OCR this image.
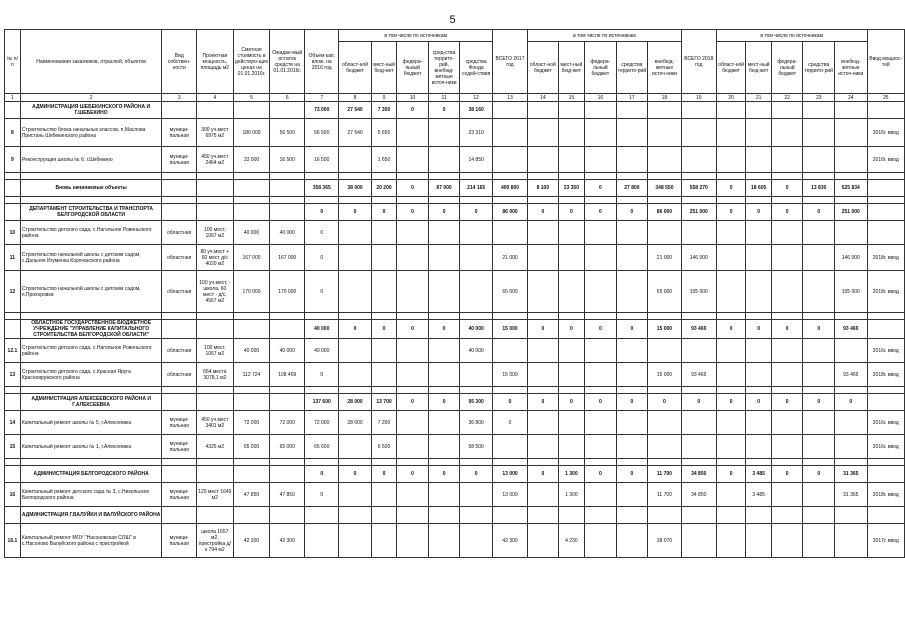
5
№ п/п	Наименования заказчиков, отраслей, объектов	Вид собствен-ности	Проектная мощность, площадь м2	Сметная стоимость в действую-щих ценах на 01.01.2016г.	Ожидае-мый остаток средств на 01.01.2016г.	Объем кап. влож. на 2016 год	в том числе по источникам					ВСЕГО 2017 год	в том числе по источникам					ВСЕГО 2018 год	в том числе по источникам					Ввод мощнос-тей
							област-ной бюджет	мест-ный бюд-жет	федера-льный бюджет	сред-ства террито-рий, внебюд-жетные источ-ники	средства Фонда содей-ствия		област-ной бюджет	мест-ный бюд-жет	федера-льный бюджет	средства террито-рий	внебюд-жетные источ-ники		област-ной бюджет	мест-ный бюд-жет	федера-льный бюджет	средства террито-рий	внебюд-жетные источ-ники	
1	2	3	4	5	6	7	8	9	10	11	12	13	14	15	16	17	18	19	20	21	22	23	24	25
	АДМИНИСТРАЦИЯ ШЕБЕКИНСКОГО РАЙОНА И Г.ШЕБЕКИНО					73 000	27 540	7 300	0	0	38 160													
8	Строительство блока начальных классов, п.Маслова Пристань Шебекинского района	муници-пальная	300 уч.мест 6975 м2	180 000	56 500	56 500	27 540	5 650			23 310													2016г. ввод
9	Реконструкция школы № 6, г.Шебекино	муници-пальная	450 уч.мест 2464 м2	33 000	16 500	16 500		1 650			14 850													2016г. ввод

	Вновь начинаемые объекты					358 365	38 000	20 200	0	87 000	214 165	400 800	8 100	23 350	0	27 800	348 550	558 270	0	18 605	0	13 830	525 834	

	ДЕПАРТАМЕНТ СТРОИТЕЛЬСТВА И ТРАНСПОРТА БЕЛГОРОДСКОЙ ОБЛАСТИ					0	0	0	0	0	0	86 000	0	0	0	0	86 000	251 000	0	0	0	0	251 000	
10	Строительство детского сада, с.Нагольное Ровеньского района	областная	100 мест, 1067 м2	40 000	40 000	0																		
11	Строительство начальной школы с детским садом, с.Дальняя Игуменка Корочанского района	областная	80 уч.мест + 60 мест д/с 4020 м2	167 000	167 000	0						21 000					21 000	146 000					146 000	2018г. ввод
12	Строительство начальной школы с детским садом, п.Прохоровка	областная	100 уч.мест, - школа, 60 мест - д/с, 4567 м2	170 000	170 000	0						65 000					65 000	105 000					105 000	2018г. ввод

	ОБЛАСТНОЕ ГОСУДАРСТВЕННОЕ БЮДЖЕТНОЕ УЧРЕЖДЕНИЕ "УПРАВЛЕНИЕ КАПИТАЛЬНОГО СТРОИТЕЛЬСТВА БЕЛГОРОДСКОЙ ОБЛАСТИ"					40 000	0	0	0	0	40 000	15 000	0	0	0	0	15 000	93 469	0	0	0	0	93 469	
12.1	Строительство детского сада, с.Нагольное Ровеньского района	областная	100 мест, 1067 м2	40 000	40 000	40 000					40 000													2016г. ввод
13	Строительство детского сада, с.Красная Яруга Краснояружского района	областная	654 места 3078,1 м2	112 724	108 469	0						15 000					15 000	93 469					93 469	2018г. ввод

	АДМИНИСТРАЦИЯ АЛЕКСЕЕВСКОГО РАЙОНА И Г.АЛЕКСЕЕВКА					137 600	28 000	13 700	0	0	95 300	0	0	0	0	0	0	0	0	0	0	0	0	
14	Капитальный ремонт школы № 5, г.Алексеевка	муници-пальная	450 уч.мест 3401 м2	72 000	72 000	72 000	28 000	7 200			36 800	0												2016г. ввод
15	Капитальный ремонт школы № 1, г.Алексеевка	муници-пальная	4325 м2	65 000	65 000	65 600		6 500			58 500													2016г. ввод

	АДМИНИСТРАЦИЯ БЕЛГОРОДСКОГО РАЙОНА					0	0	0	0	0	0	13 000	0	1 300	0	0	11 700	34 850	0	3 485	0	0	31 365	
16	Капитальный ремонт детского сада № 3, с.Никольское Белгородского района	муници-пальная	120 мест 1649 м2	47 850	47 850	0						13 000		1 300			11 700	34 850		3 485			31 365	2018г. ввод
	АДМИНИСТРАЦИЯ Г.ВАЛУЙКИ И ВАЛУЙСКОГО РАЙОНА																							
16.1	Капитальный ремонт МОУ "Насоновская СОШ" в с.Насоново Валуйского района с пристройкой	муници-пальная	школа 1657 м2, пристройка д/к 794 м2	42 300	42 300							42 300		4 230			38 070							2017г. ввод
